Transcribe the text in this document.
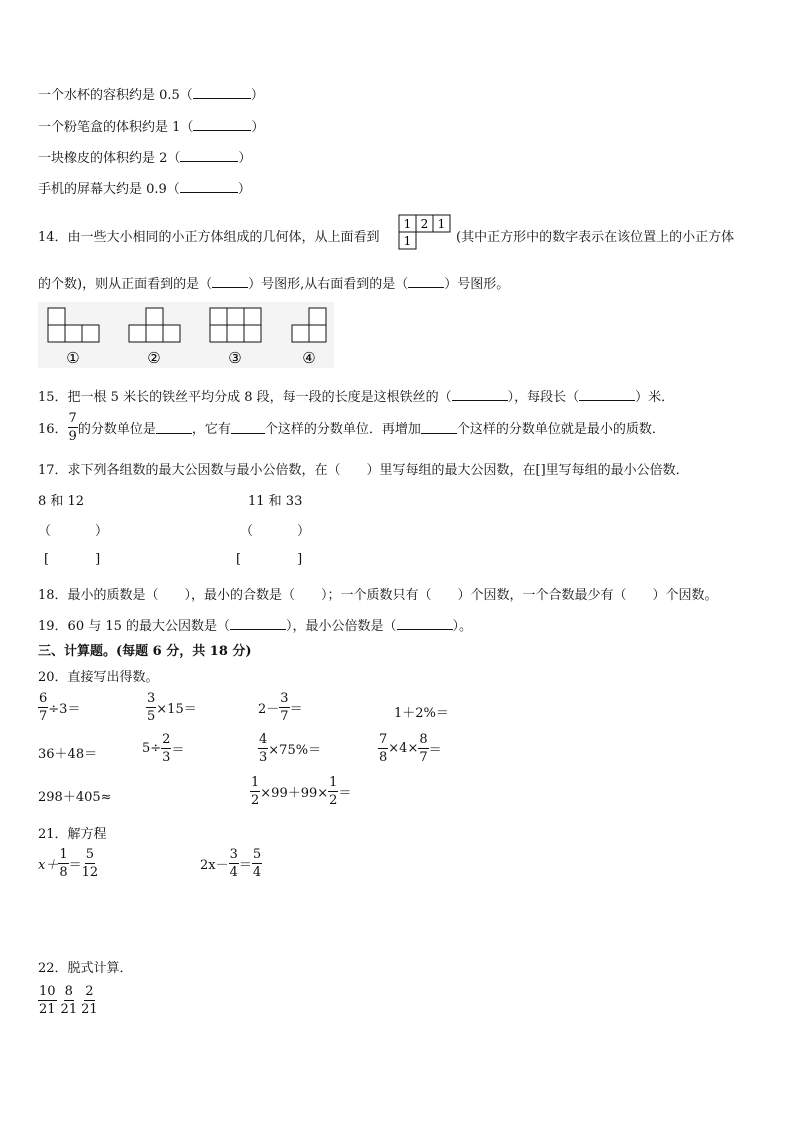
一个水杯的容积约是 0.5（	）
一个粉笔盒的体积约是 1（	）
一块橡皮的体积约是 2（	）
手机的屏幕大约是 0.9（	）
14．由一些大小相同的小正方体组成的几何体，从上面看到
1 2 1
1	(其中正方形中的数字表示在该位置上的小正方体
的个数)，则从正面看到的是（	）号图形,从右面看到的是（	）号图形。
①	②	③	④
15．把一根 5 米长的铁丝平均分成 8 段，每一段的长度是这根铁丝的（	），每段长（	）米．
16． $\frac{7}{9}$ 的分数单位是	，它有	个这样的分数单位．再增加	个这样的分数单位就是最小的质数．
17．求下列各组数的最大公因数与最小公倍数，在（　　）里写每组的最大公因数，在[]里写每组的最小公倍数．
8 和 12	11 和 33
（	）	（	）
[	]	[	]
18．最小的质数是（　　），最小的合数是（　　）；一个质数只有（　　）个因数，一个合数最少有（　　）个因数。
19．60 与 15 的最大公因数是（	），最小公倍数是（	）。
三、计算题。(每题 6 分，共 18 分)
20．直接写出得数。
$\frac{6}{7} \div 3=$	$\frac{3}{5} \times 15=$	$2- \frac{3}{7}$ ＝	1＋2%＝
36＋48＝	$5\div \frac{2}{3}$ ＝	$\frac{4}{3} \times 75\%=$	$\frac{7}{8} \times 4\times \frac{8}{7}$ ＝
298＋405≈	$\frac{1}{2} \times 99+99\times \frac{1}{2}$ ＝
21．解方程
$x+ \frac{1}{8} = \frac{5}{12}$	$2x- \frac{3}{4} = \frac{5}{4}$
22．脱式计算．
$\frac{10}{21} \frac{8}{21} \frac{2}{21}$
